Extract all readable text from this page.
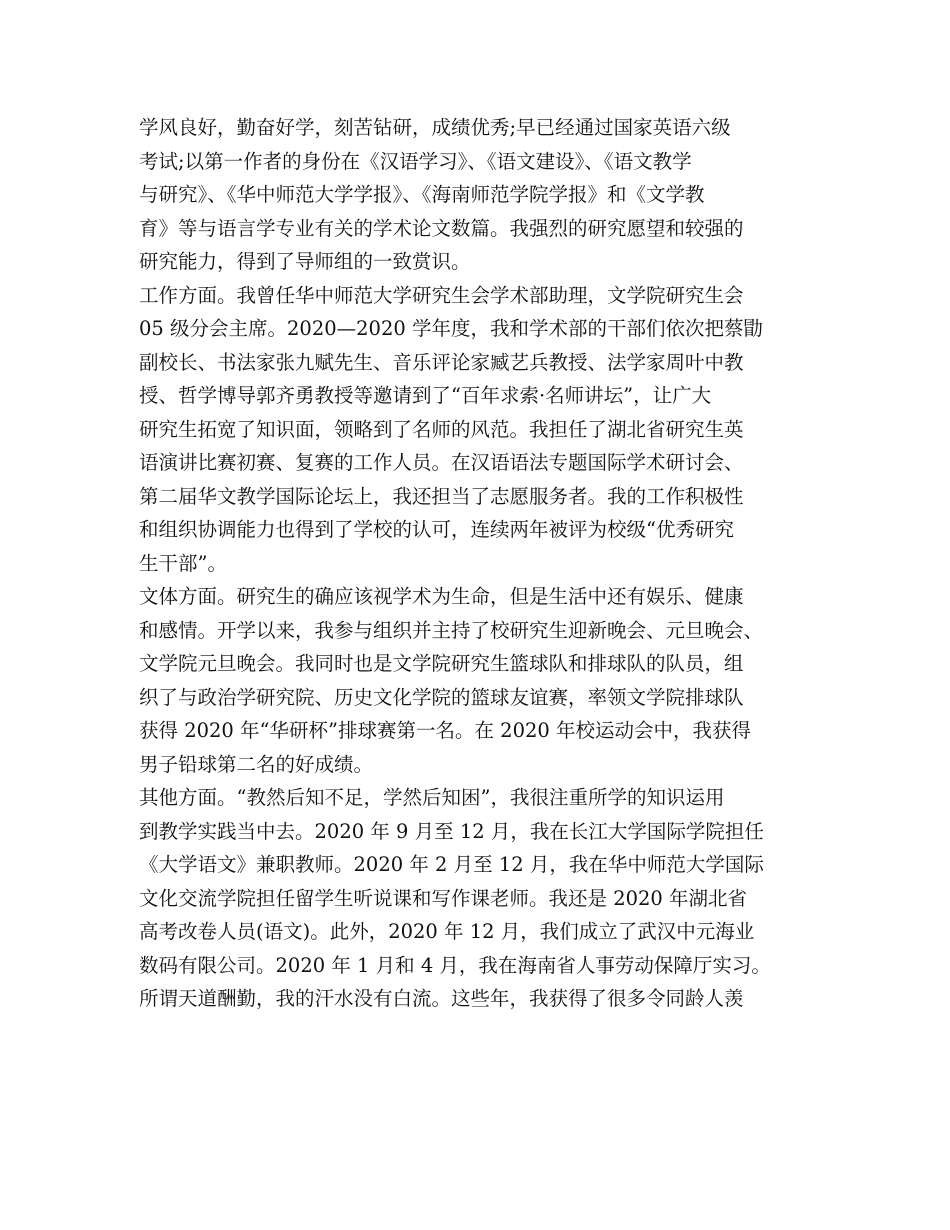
学风良好，勤奋好学，刻苦钻研，成绩优秀;早已经通过国家英语六级
考试;以第一作者的身份在《汉语学习》、《语文建设》、《语文教学
与研究》、《华中师范大学学报》、《海南师范学院学报》和《文学教
育》等与语言学专业有关的学术论文数篇。我强烈的研究愿望和较强的
研究能力，得到了导师组的一致赏识。
工作方面。我曾任华中师范大学研究生会学术部助理，文学院研究生会
05 级分会主席。2020—2020 学年度，我和学术部的干部们依次把蔡勖
副校长、书法家张九赋先生、音乐评论家臧艺兵教授、法学家周叶中教
授、哲学博导郭齐勇教授等邀请到了“百年求索·名师讲坛”，让广大
研究生拓宽了知识面，领略到了名师的风范。我担任了湖北省研究生英
语演讲比赛初赛、复赛的工作人员。在汉语语法专题国际学术研讨会、
第二届华文教学国际论坛上，我还担当了志愿服务者。我的工作积极性
和组织协调能力也得到了学校的认可，连续两年被评为校级“优秀研究
生干部”。
文体方面。研究生的确应该视学术为生命，但是生活中还有娱乐、健康
和感情。开学以来，我参与组织并主持了校研究生迎新晚会、元旦晚会、
文学院元旦晚会。我同时也是文学院研究生篮球队和排球队的队员，组
织了与政治学研究院、历史文化学院的篮球友谊赛，率领文学院排球队
获得 2020 年“华研杯”排球赛第一名。在 2020 年校运动会中，我获得
男子铅球第二名的好成绩。
其他方面。“教然后知不足，学然后知困”，我很注重所学的知识运用
到教学实践当中去。2020 年 9 月至 12 月，我在长江大学国际学院担任
《大学语文》兼职教师。2020 年 2 月至 12 月，我在华中师范大学国际
文化交流学院担任留学生听说课和写作课老师。我还是 2020 年湖北省
高考改卷人员(语文)。此外，2020 年 12 月，我们成立了武汉中元海业
数码有限公司。2020 年 1 月和 4 月，我在海南省人事劳动保障厅实习。
所谓天道酬勤，我的汗水没有白流。这些年，我获得了很多令同龄人羡
